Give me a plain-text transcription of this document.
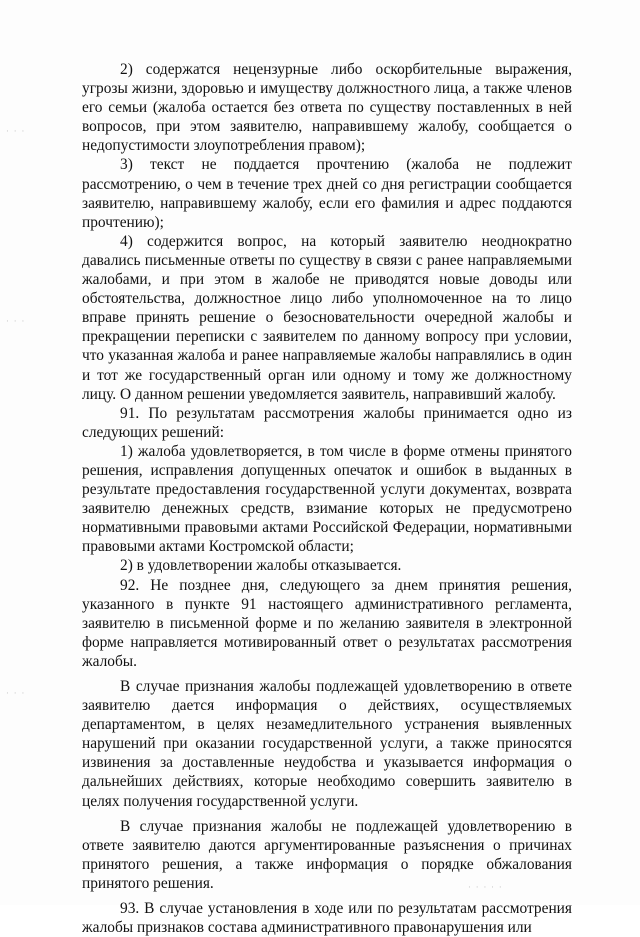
· · ·
· · ·
· · ·
· · · · ·

2) содержатся нецензурные либо оскорбительные выражения, угрозы жизни, здоровью и имуществу должностного лица, а также членов его семьи (жалоба остается без ответа по существу поставленных в ней вопросов, при этом заявителю, направившему жалобу, сообщается о недопустимости злоупотребления правом);

3) текст не поддается прочтению (жалоба не подлежит рассмотрению, о чем в течение трех дней со дня регистрации сообщается заявителю, направившему жалобу, если его фамилия и адрес поддаются прочтению);

4) содержится вопрос, на который заявителю неоднократно давались письменные ответы по существу в связи с ранее направляемыми жалобами, и при этом в жалобе не приводятся новые доводы или обстоятельства, должностное лицо либо уполномоченное на то лицо вправе принять решение о безосновательности очередной жалобы и прекращении переписки с заявителем по данному вопросу при условии, что указанная жалоба и ранее направляемые жалобы направлялись в один и тот же государственный орган или одному и тому же должностному лицу. О данном решении уведомляется заявитель, направивший жалобу.

91. По результатам рассмотрения жалобы принимается одно из следующих решений:

1) жалоба удовлетворяется, в том числе в форме отмены принятого решения, исправления допущенных опечаток и ошибок в выданных в результате предоставления государственной услуги документах, возврата заявителю денежных средств, взимание которых не предусмотрено нормативными правовыми актами Российской Федерации, нормативными правовыми актами Костромской области;

2) в удовлетворении жалобы отказывается.

92. Не позднее дня, следующего за днем принятия решения, указанного в пункте 91 настоящего административного регламента, заявителю в письменной форме и по желанию заявителя в электронной форме направляется мотивированный ответ о результатах рассмотрения жалобы.

В случае признания жалобы подлежащей удовлетворению в ответе заявителю дается информация о действиях, осуществляемых департаментом, в целях незамедлительного устранения выявленных нарушений при оказании государственной услуги, а также приносятся извинения за доставленные неудобства и указывается информация о дальнейших действиях, которые необходимо совершить заявителю в целях получения государственной услуги.

В случае признания жалобы не подлежащей удовлетворению в ответе заявителю даются аргументированные разъяснения о причинах принятого решения, а также информация о порядке обжалования принятого решения.

93. В случае установления в ходе или по результатам рассмотрения жалобы признаков состава административного правонарушения или
